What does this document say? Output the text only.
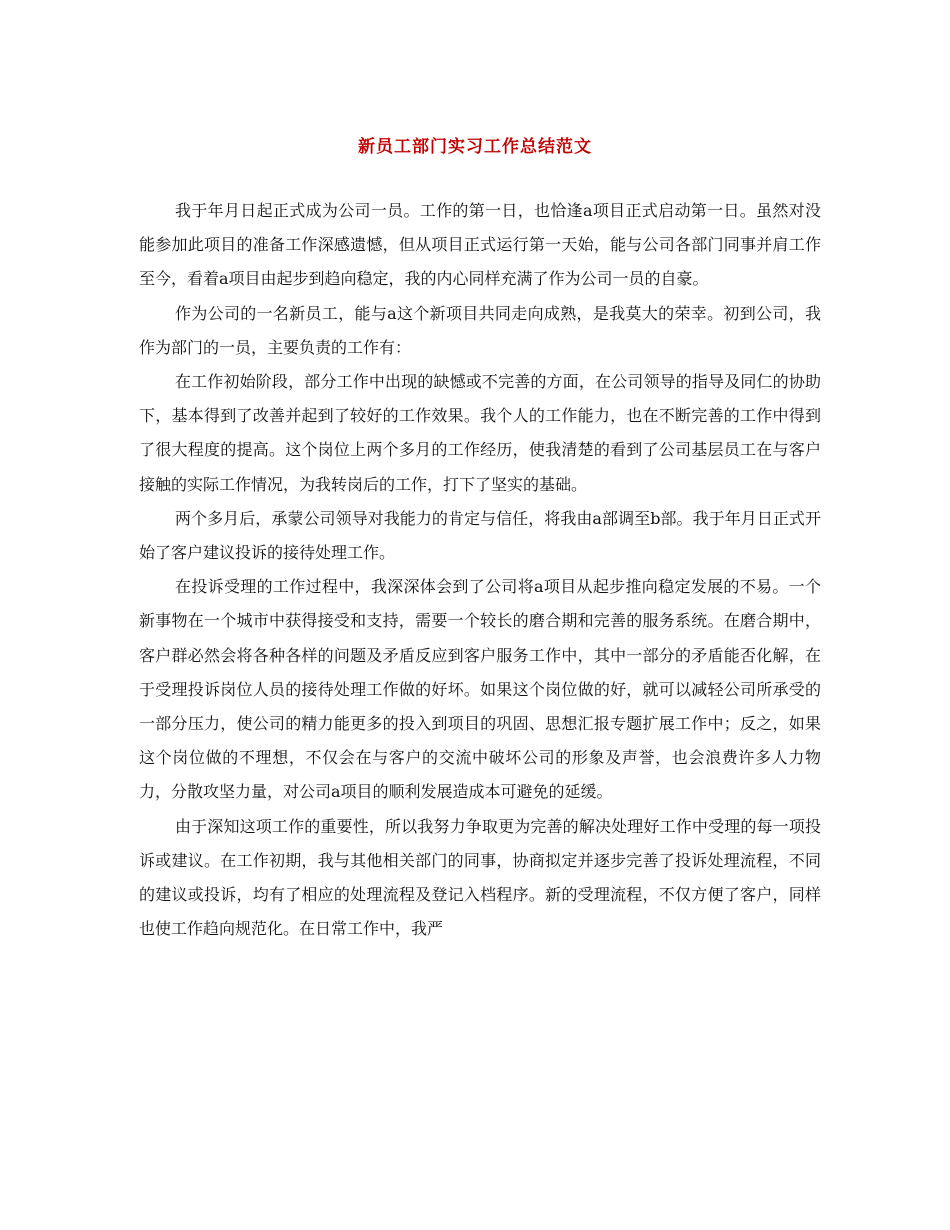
新员工部门实习工作总结范文

我于年月日起正式成为公司一员。工作的第一日，也恰逢a项目正式启动第一日。虽然对没能参加此项目的准备工作深感遗憾，但从项目正式运行第一天始，能与公司各部门同事并肩工作至今，看着a项目由起步到趋向稳定，我的内心同样充满了作为公司一员的自豪。

作为公司的一名新员工，能与a这个新项目共同走向成熟，是我莫大的荣幸。初到公司，我作为部门的一员，主要负责的工作有：

在工作初始阶段，部分工作中出现的缺憾或不完善的方面，在公司领导的指导及同仁的协助下，基本得到了改善并起到了较好的工作效果。我个人的工作能力，也在不断完善的工作中得到了很大程度的提高。这个岗位上两个多月的工作经历，使我清楚的看到了公司基层员工在与客户接触的实际工作情况，为我转岗后的工作，打下了坚实的基础。

两个多月后，承蒙公司领导对我能力的肯定与信任，将我由a部调至b部。我于年月日正式开始了客户建议投诉的接待处理工作。

在投诉受理的工作过程中，我深深体会到了公司将a项目从起步推向稳定发展的不易。一个新事物在一个城市中获得接受和支持，需要一个较长的磨合期和完善的服务系统。在磨合期中，客户群必然会将各种各样的问题及矛盾反应到客户服务工作中，其中一部分的矛盾能否化解，在于受理投诉岗位人员的接待处理工作做的好坏。如果这个岗位做的好，就可以减轻公司所承受的一部分压力，使公司的精力能更多的投入到项目的巩固、思想汇报专题扩展工作中；反之，如果这个岗位做的不理想，不仅会在与客户的交流中破坏公司的形象及声誉，也会浪费许多人力物力，分散攻坚力量，对公司a项目的顺利发展造成本可避免的延缓。

由于深知这项工作的重要性，所以我努力争取更为完善的解决处理好工作中受理的每一项投诉或建议。在工作初期，我与其他相关部门的同事，协商拟定并逐步完善了投诉处理流程，不同的建议或投诉，均有了相应的处理流程及登记入档程序。新的受理流程，不仅方便了客户，同样也使工作趋向规范化。在日常工作中，我严
